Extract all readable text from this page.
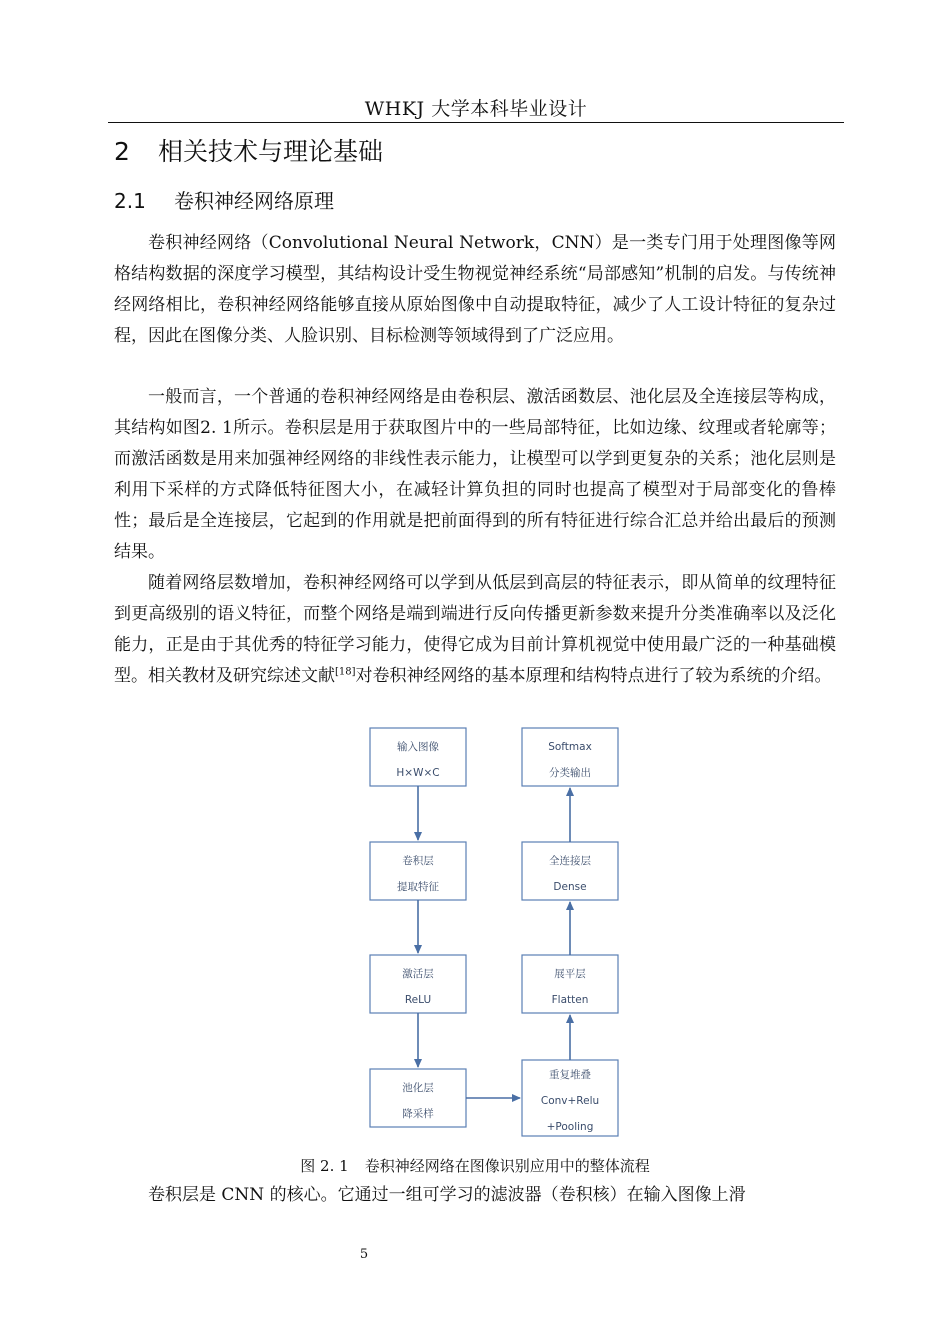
WHKJ 大学本科毕业设计
2 相关技术与理论基础
2.1 卷积神经网络原理

卷积神经网络（Convolutional Neural Network，CNN）是一类专门用于处理图像等网格结构数据的深度学习模型，其结构设计受生物视觉神经系统“局部感知”机制的启发。与传统神经网络相比，卷积神经网络能够直接从原始图像中自动提取特征，减少了人工设计特征的复杂过程，因此在图像分类、人脸识别、目标检测等领域得到了广泛应用。

一般而言，一个普通的卷积神经网络是由卷积层、激活函数层、池化层及全连接层等构成，其结构如图2. 1所示。卷积层是用于获取图片中的一些局部特征，比如边缘、纹理或者轮廓等；而激活函数是用来加强神经网络的非线性表示能力，让模型可以学到更复杂的关系；池化层则是利用下采样的方式降低特征图大小，在减轻计算负担的同时也提高了模型对于局部变化的鲁棒性；最后是全连接层，它起到的作用就是把前面得到的所有特征进行综合汇总并给出最后的预测结果。

随着网络层数增加，卷积神经网络可以学到从低层到高层的特征表示，即从简单的纹理特征到更高级别的语义特征，而整个网络是端到端进行反向传播更新参数来提升分类准确率以及泛化能力，正是由于其优秀的特征学习能力，使得它成为目前计算机视觉中使用最广泛的一种基础模型。相关教材及研究综述文献[18]对卷积神经网络的基本原理和结构特点进行了较为系统的介绍。

输入图像
H×W×C
卷积层
提取特征
激活层
ReLU
池化层
降采样
Softmax
分类输出
全连接层
Dense
展平层
Flatten
重复堆叠
Conv+Relu
+Pooling
图 2. 1 卷积神经网络在图像识别应用中的整体流程

卷积层是 CNN 的核心。它通过一组可学习的滤波器（卷积核）在输入图像上滑

5
